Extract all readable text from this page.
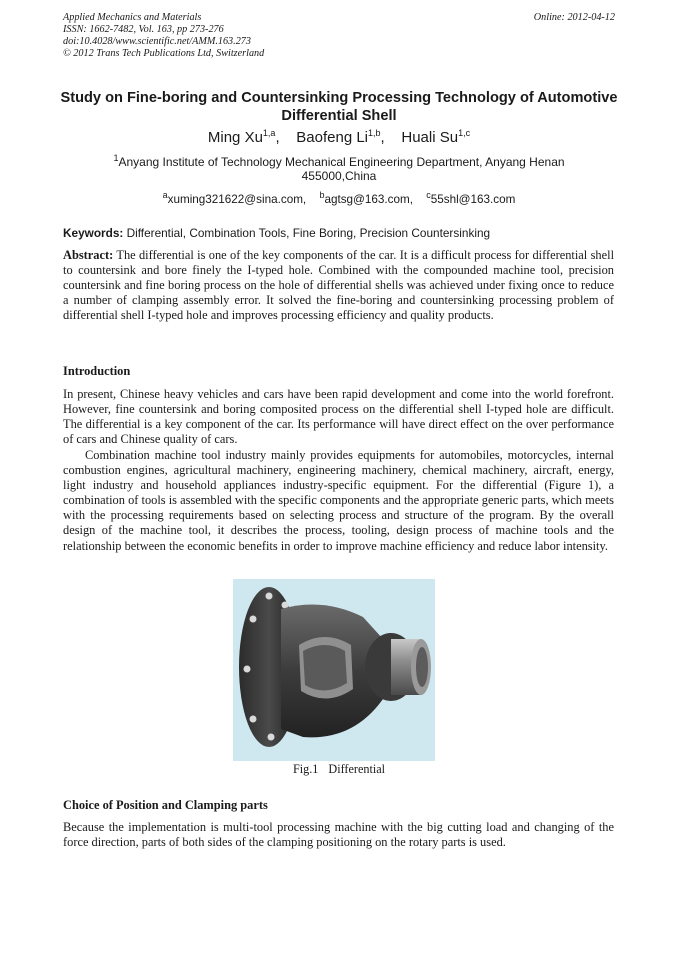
Applied Mechanics and Materials
ISSN: 1662-7482, Vol. 163, pp 273-276
doi:10.4028/www.scientific.net/AMM.163.273
© 2012 Trans Tech Publications Ltd, Switzerland
Online: 2012-04-12
Study on Fine-boring and Countersinking Processing Technology of Automotive Differential Shell
Ming Xu$^{1,a}$,    Baofeng Li$^{1,b}$,    Huali Su$^{1,c}$
$^1$Anyang Institute of Technology Mechanical Engineering Department, Anyang Henan 455000,China
$^a$xuming321622@sina.com, $^b$agtsg@163.com, $^c$55shl@163.com
Keywords: Differential, Combination Tools, Fine Boring, Precision Countersinking
Abstract: The differential is one of the key components of the car. It is a difficult process for differential shell to countersink and bore finely the I-typed hole. Combined with the compounded machine tool, precision countersink and fine boring process on the hole of differential shells was achieved under fixing once to reduce a number of clamping assembly error. It solved the fine-boring and countersinking processing problem of differential shell I-typed hole and improves processing efficiency and quality products.
Introduction
In present, Chinese heavy vehicles and cars have been rapid development and come into the world forefront. However, fine countersink and boring composited process on the differential shell I-typed hole are difficult. The differential is a key component of the car. Its performance will have direct effect on the over performance of cars and Chinese quality of cars.
Combination machine tool industry mainly provides equipments for automobiles, motorcycles, internal combustion engines, agricultural machinery, engineering machinery, chemical machinery, aircraft, energy, light industry and household appliances industry-specific equipment. For the differential (Figure 1), a combination of tools is assembled with the specific components and the appropriate generic parts, which meets with the processing requirements based on selecting process and structure of the program. By the overall design of the machine tool, it describes the process, tooling, design process of machine tools and the relationship between the economic benefits in order to improve machine efficiency and reduce labor intensity.
Fig.1 Differential
Choice of Position and Clamping parts
Because the implementation is multi-tool processing machine with the big cutting load and changing of the force direction, parts of both sides of the clamping positioning on the rotary parts is used.
